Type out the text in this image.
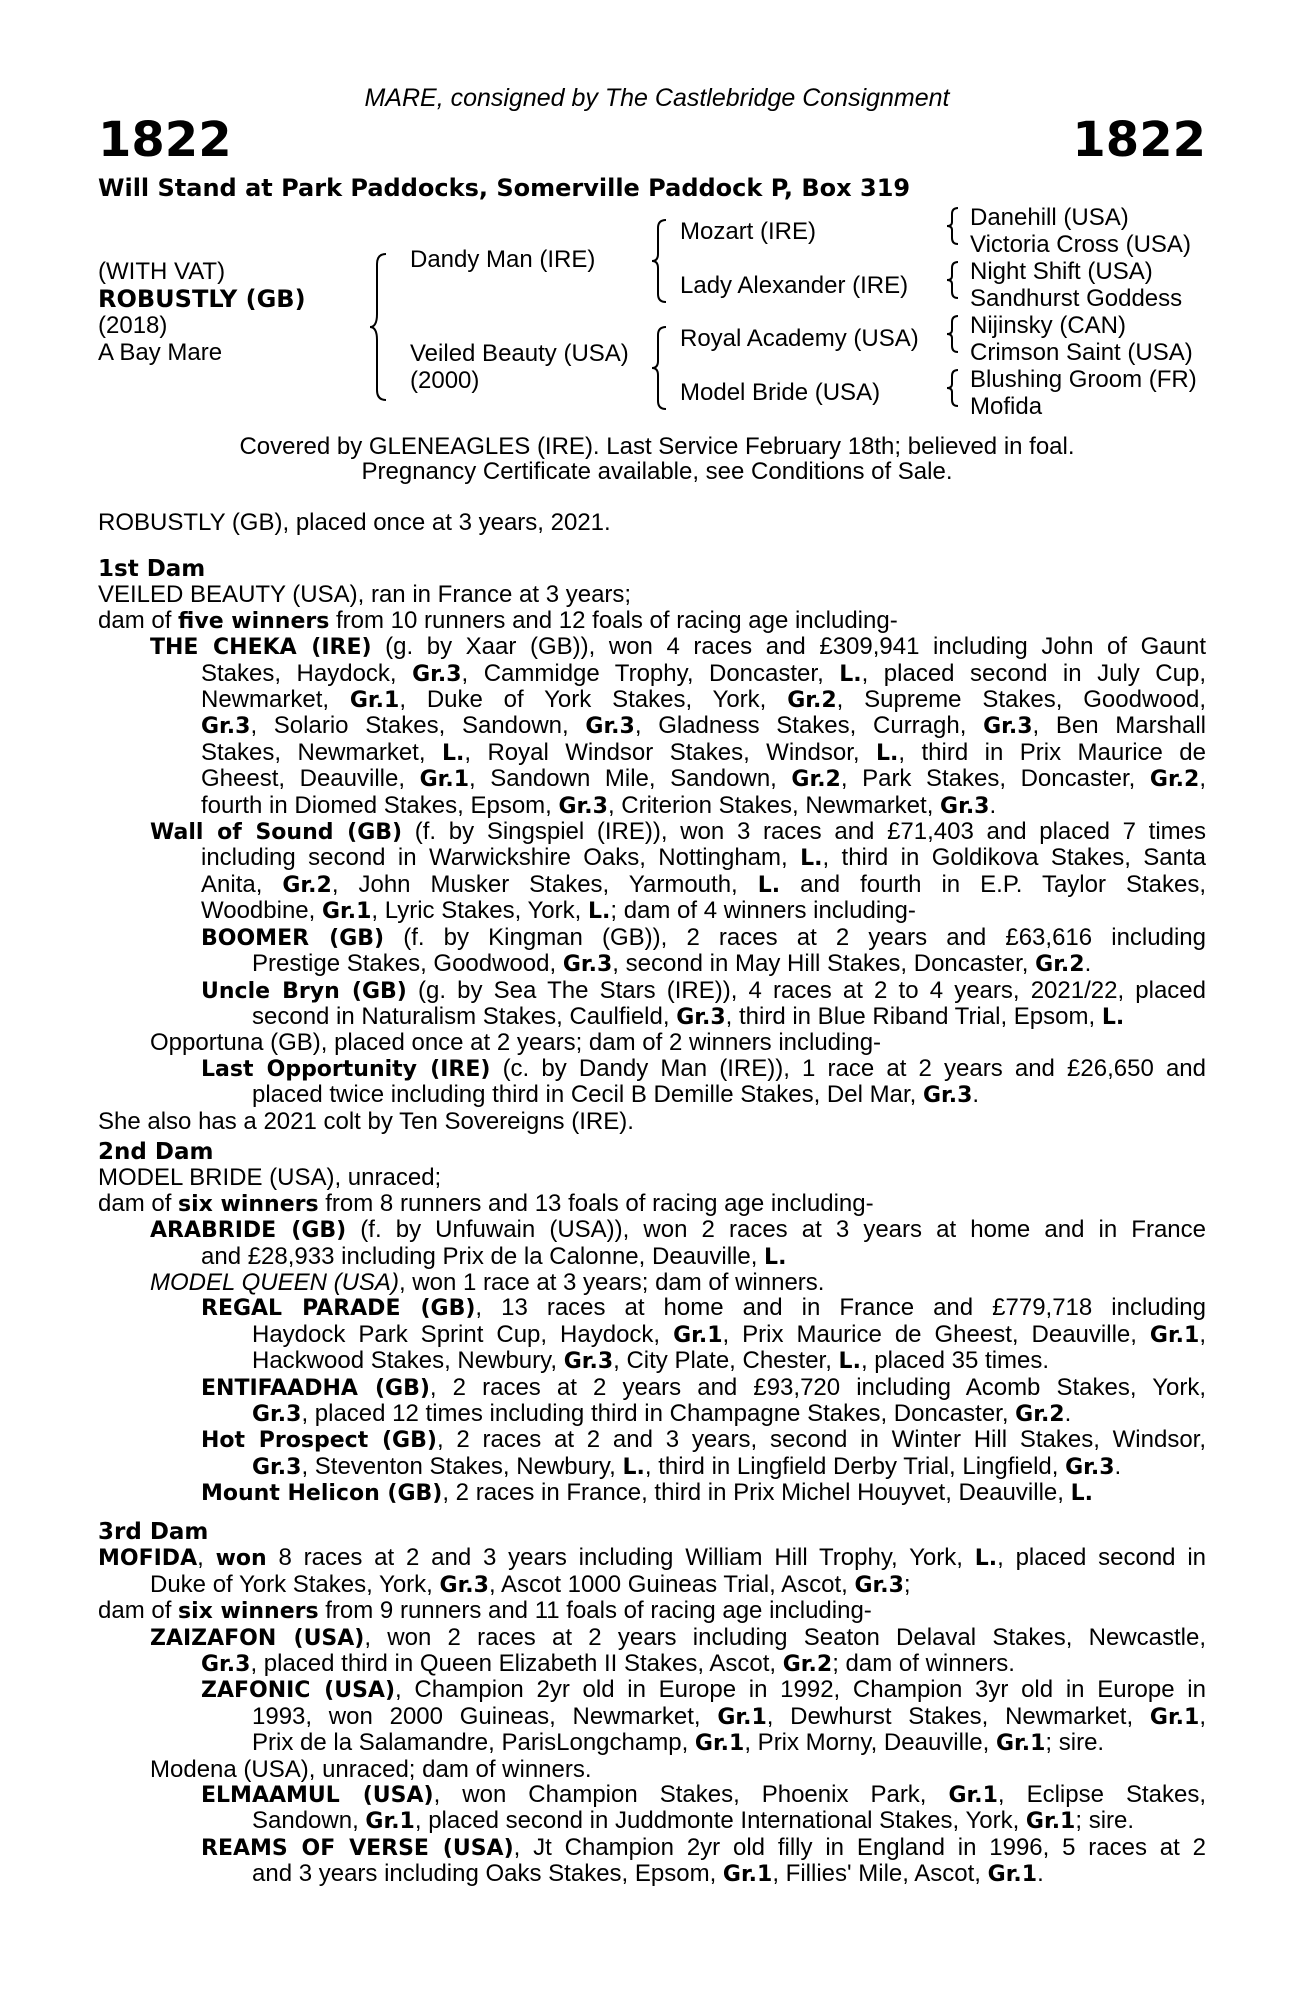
MARE, consigned by The Castlebridge Consignment
1822	1822
Will Stand at Park Paddocks, Somerville Paddock P, Box 319
(WITH VAT)
ROBUSTLY (GB)
(2018)
A Bay Mare
Dandy Man (IRE)
Veiled Beauty (USA)
(2000)
Mozart (IRE)
Lady Alexander (IRE)
Royal Academy (USA)
Model Bride (USA)
Danehill (USA)
Victoria Cross (USA)
Night Shift (USA)
Sandhurst Goddess
Nijinsky (CAN)
Crimson Saint (USA)
Blushing Groom (FR)
Mofida
Covered by GLENEAGLES (IRE). Last Service February 18th; believed in foal.
Pregnancy Certificate available, see Conditions of Sale.
ROBUSTLY (GB), placed once at 3 years, 2021.
1st Dam
VEILED BEAUTY (USA), ran in France at 3 years;
dam of five winners from 10 runners and 12 foals of racing age including-
THE CHEKA (IRE) (g. by Xaar (GB)), won 4 races and £309,941 including John of Gaunt
Stakes, Haydock, Gr.3, Cammidge Trophy, Doncaster, L., placed second in July Cup,
Newmarket, Gr.1, Duke of York Stakes, York, Gr.2, Supreme Stakes, Goodwood,
Gr.3, Solario Stakes, Sandown, Gr.3, Gladness Stakes, Curragh, Gr.3, Ben Marshall
Stakes, Newmarket, L., Royal Windsor Stakes, Windsor, L., third in Prix Maurice de
Gheest, Deauville, Gr.1, Sandown Mile, Sandown, Gr.2, Park Stakes, Doncaster, Gr.2,
fourth in Diomed Stakes, Epsom, Gr.3, Criterion Stakes, Newmarket, Gr.3.
Wall of Sound (GB) (f. by Singspiel (IRE)), won 3 races and £71,403 and placed 7 times
including second in Warwickshire Oaks, Nottingham, L., third in Goldikova Stakes, Santa
Anita, Gr.2, John Musker Stakes, Yarmouth, L. and fourth in E.P. Taylor Stakes,
Woodbine, Gr.1, Lyric Stakes, York, L.; dam of 4 winners including-
BOOMER (GB) (f. by Kingman (GB)), 2 races at 2 years and £63,616 including
Prestige Stakes, Goodwood, Gr.3, second in May Hill Stakes, Doncaster, Gr.2.
Uncle Bryn (GB) (g. by Sea The Stars (IRE)), 4 races at 2 to 4 years, 2021/22, placed
second in Naturalism Stakes, Caulfield, Gr.3, third in Blue Riband Trial, Epsom, L.
Opportuna (GB), placed once at 2 years; dam of 2 winners including-
Last Opportunity (IRE) (c. by Dandy Man (IRE)), 1 race at 2 years and £26,650 and
placed twice including third in Cecil B Demille Stakes, Del Mar, Gr.3.
She also has a 2021 colt by Ten Sovereigns (IRE).
2nd Dam
MODEL BRIDE (USA), unraced;
dam of six winners from 8 runners and 13 foals of racing age including-
ARABRIDE (GB) (f. by Unfuwain (USA)), won 2 races at 3 years at home and in France
and £28,933 including Prix de la Calonne, Deauville, L.
MODEL QUEEN (USA), won 1 race at 3 years; dam of winners.
REGAL PARADE (GB), 13 races at home and in France and £779,718 including
Haydock Park Sprint Cup, Haydock, Gr.1, Prix Maurice de Gheest, Deauville, Gr.1,
Hackwood Stakes, Newbury, Gr.3, City Plate, Chester, L., placed 35 times.
ENTIFAADHA (GB), 2 races at 2 years and £93,720 including Acomb Stakes, York,
Gr.3, placed 12 times including third in Champagne Stakes, Doncaster, Gr.2.
Hot Prospect (GB), 2 races at 2 and 3 years, second in Winter Hill Stakes, Windsor,
Gr.3, Steventon Stakes, Newbury, L., third in Lingfield Derby Trial, Lingfield, Gr.3.
Mount Helicon (GB), 2 races in France, third in Prix Michel Houyvet, Deauville, L.
3rd Dam
MOFIDA, won 8 races at 2 and 3 years including William Hill Trophy, York, L., placed second in
Duke of York Stakes, York, Gr.3, Ascot 1000 Guineas Trial, Ascot, Gr.3;
dam of six winners from 9 runners and 11 foals of racing age including-
ZAIZAFON (USA), won 2 races at 2 years including Seaton Delaval Stakes, Newcastle,
Gr.3, placed third in Queen Elizabeth II Stakes, Ascot, Gr.2; dam of winners.
ZAFONIC (USA), Champion 2yr old in Europe in 1992, Champion 3yr old in Europe in
1993, won 2000 Guineas, Newmarket, Gr.1, Dewhurst Stakes, Newmarket, Gr.1,
Prix de la Salamandre, ParisLongchamp, Gr.1, Prix Morny, Deauville, Gr.1; sire.
Modena (USA), unraced; dam of winners.
ELMAAMUL (USA), won Champion Stakes, Phoenix Park, Gr.1, Eclipse Stakes,
Sandown, Gr.1, placed second in Juddmonte International Stakes, York, Gr.1; sire.
REAMS OF VERSE (USA), Jt Champion 2yr old filly in England in 1996, 5 races at 2
and 3 years including Oaks Stakes, Epsom, Gr.1, Fillies' Mile, Ascot, Gr.1.
